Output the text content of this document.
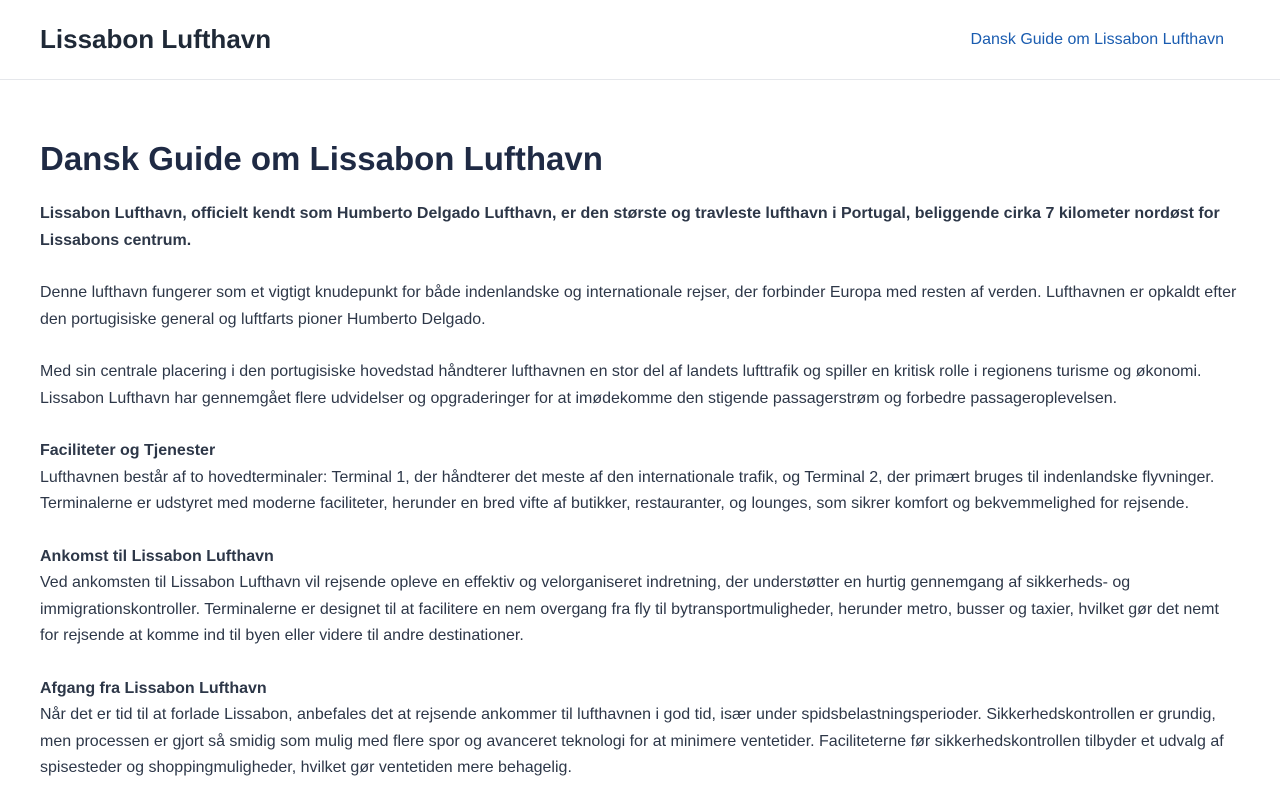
Lissabon Lufthavn	Dansk Guide om Lissabon Lufthavn
Dansk Guide om Lissabon Lufthavn

Lissabon Lufthavn, officielt kendt som Humberto Delgado Lufthavn, er den største og travleste lufthavn i Portugal, beliggende cirka 7 kilometer nordøst for Lissabons centrum.

Denne lufthavn fungerer som et vigtigt knudepunkt for både indenlandske og internationale rejser, der forbinder Europa med resten af verden. Lufthavnen er opkaldt efter den portugisiske general og luftfarts pioner Humberto Delgado.

Med sin centrale placering i den portugisiske hovedstad håndterer lufthavnen en stor del af landets lufttrafik og spiller en kritisk rolle i regionens turisme og økonomi. Lissabon Lufthavn har gennemgået flere udvidelser og opgraderinger for at imødekomme den stigende passagerstrøm og forbedre passageroplevelsen.

Faciliteter og Tjenester

Lufthavnen består af to hovedterminaler: Terminal 1, der håndterer det meste af den internationale trafik, og Terminal 2, der primært bruges til indenlandske flyvninger. Terminalerne er udstyret med moderne faciliteter, herunder en bred vifte af butikker, restauranter, og lounges, som sikrer komfort og bekvemmelighed for rejsende.

Ankomst til Lissabon Lufthavn

Ved ankomsten til Lissabon Lufthavn vil rejsende opleve en effektiv og velorganiseret indretning, der understøtter en hurtig gennemgang af sikkerheds- og immigrationskontroller. Terminalerne er designet til at facilitere en nem overgang fra fly til bytransportmuligheder, herunder metro, busser og taxier, hvilket gør det nemt for rejsende at komme ind til byen eller videre til andre destinationer.

Afgang fra Lissabon Lufthavn

Når det er tid til at forlade Lissabon, anbefales det at rejsende ankommer til lufthavnen i god tid, især under spidsbelastningsperioder. Sikkerhedskontrollen er grundig, men processen er gjort så smidig som mulig med flere spor og avanceret teknologi for at minimere ventetider. Faciliteterne før sikkerhedskontrollen tilbyder et udvalg af spisesteder og shoppingmuligheder, hvilket gør ventetiden mere behagelig.
